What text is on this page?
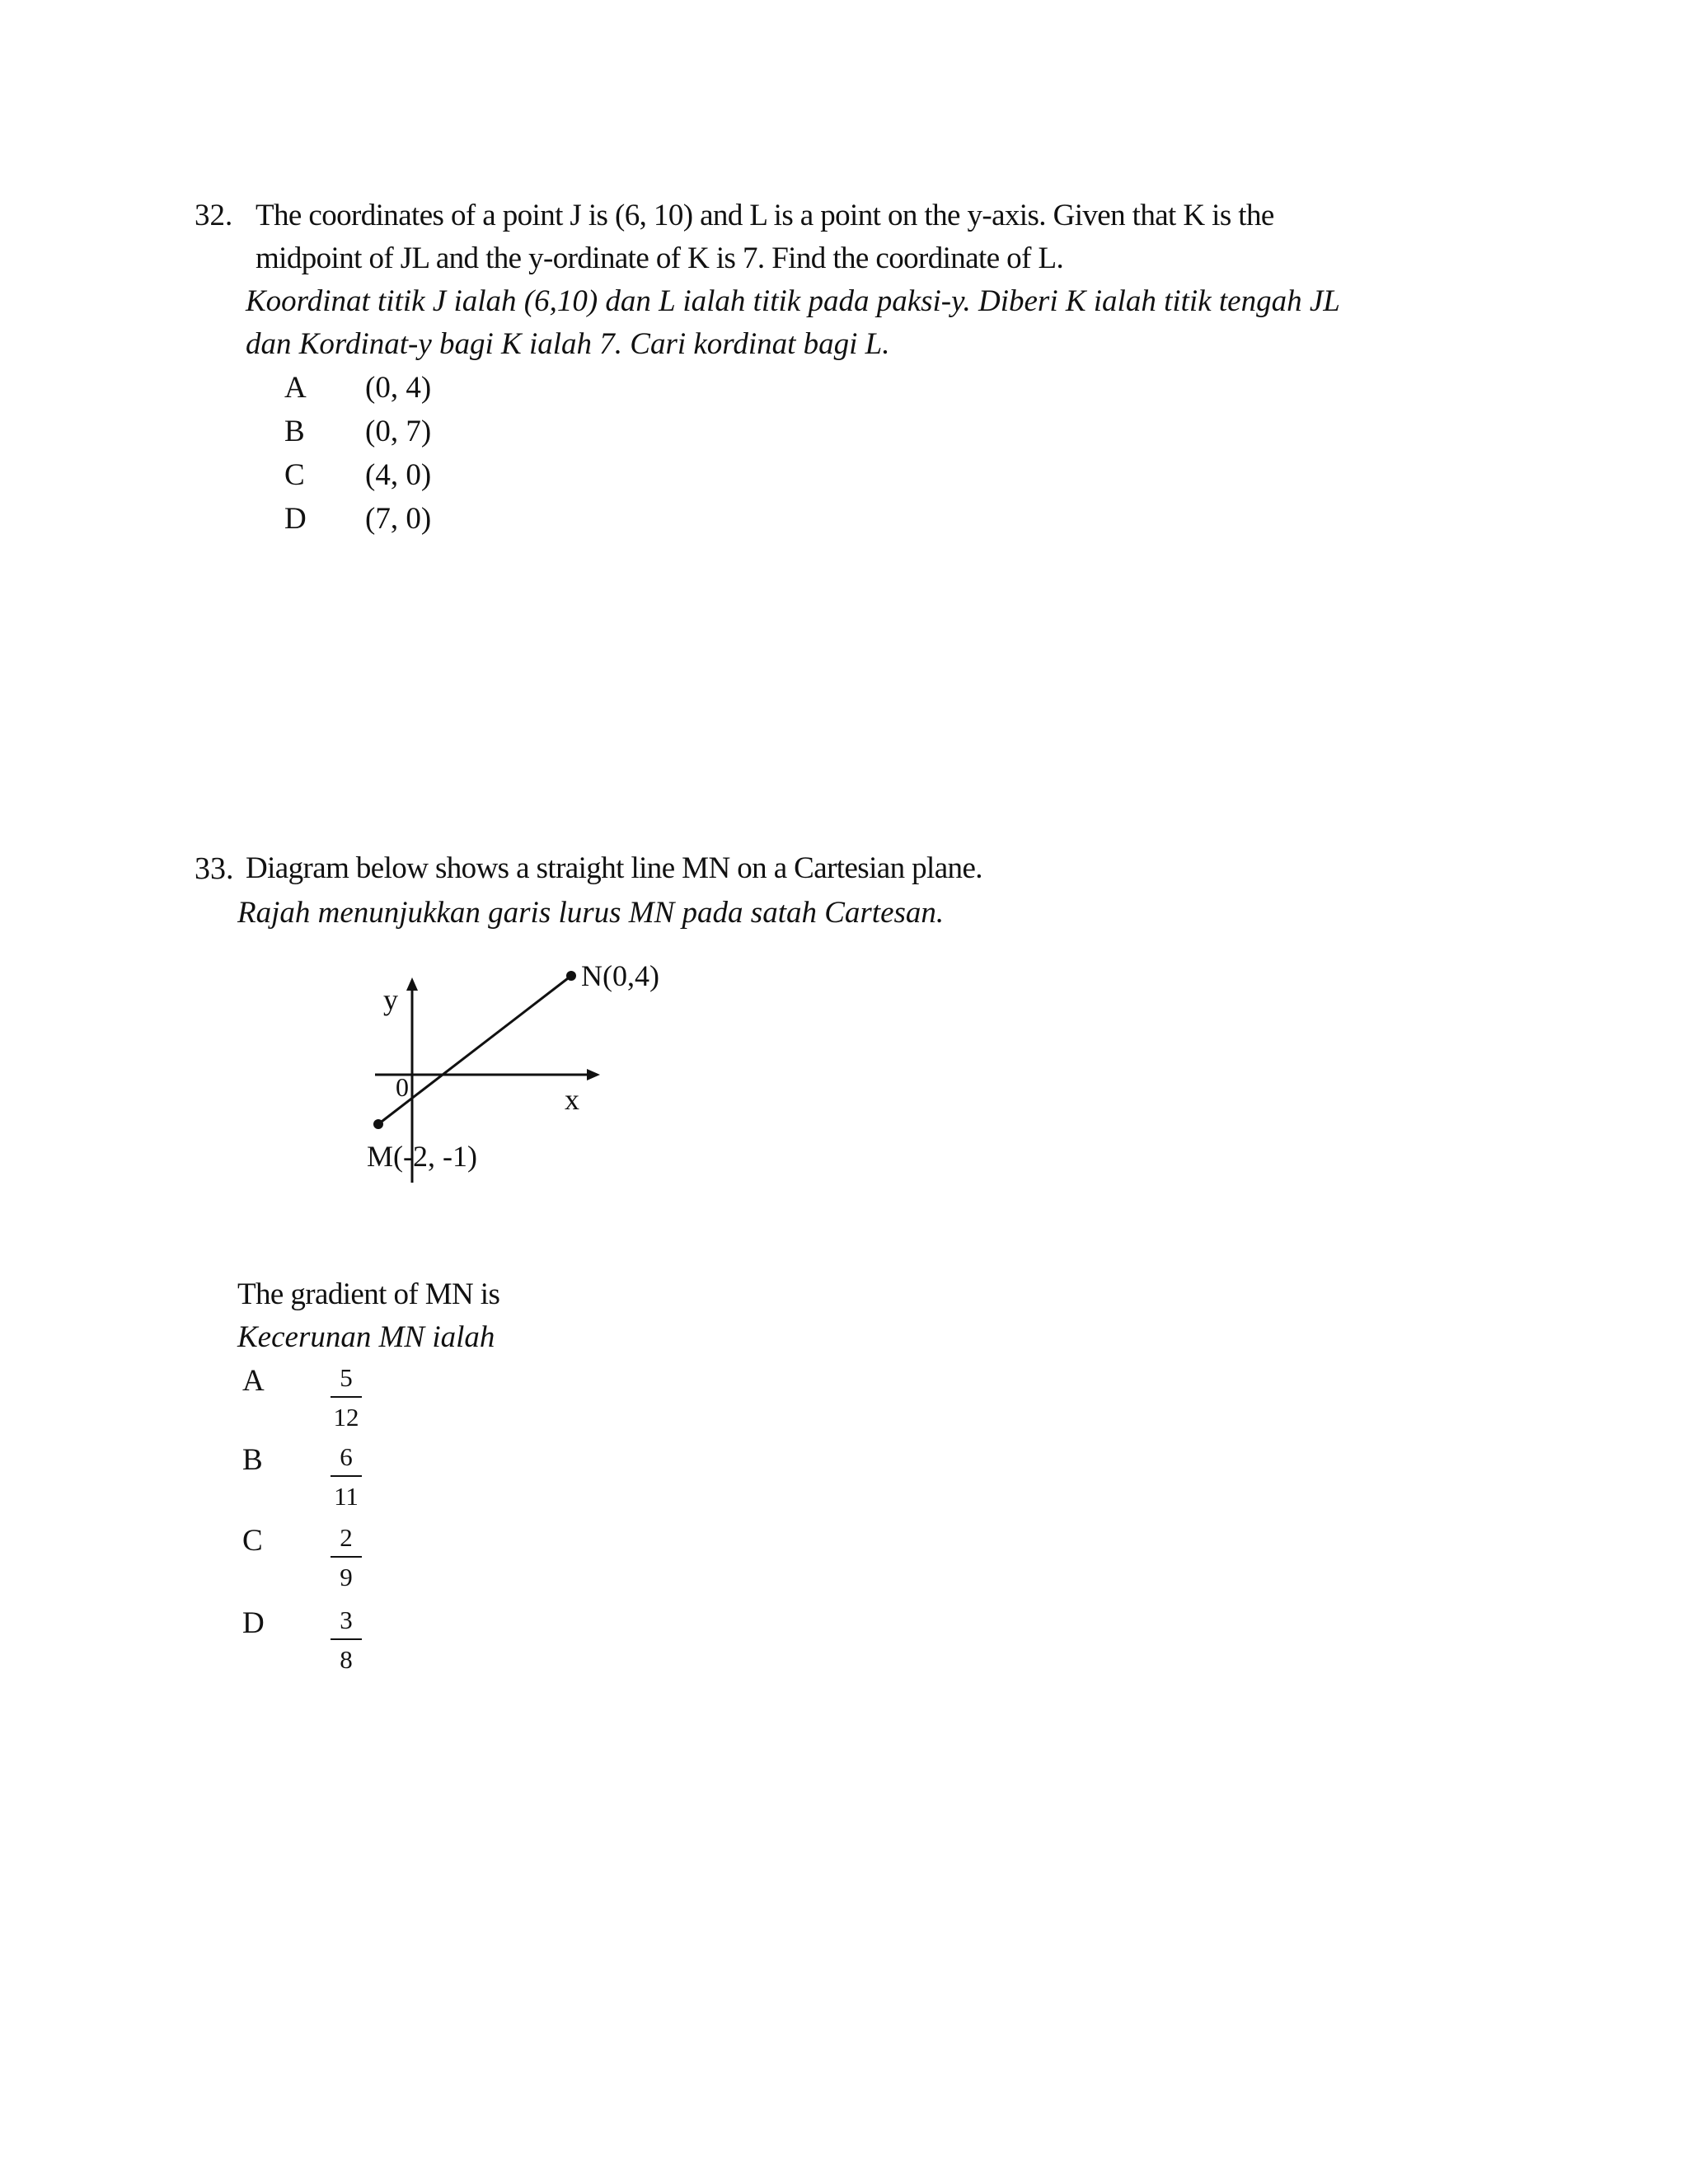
32. The coordinates of a point J is (6, 10) and L is a point on the y-axis. Given that K is the
midpoint of JL and the y-ordinate of K is 7. Find the coordinate of L.
Koordinat titik J ialah (6,10) dan L ialah titik pada paksi-y. Diberi K ialah titik tengah JL
dan Kordinat-y bagi K ialah 7. Cari kordinat bagi L.
A (0, 4)
B (0, 7)
C (4, 0)
D (7, 0)
33. Diagram below shows a straight line MN on a Cartesian plane.
Rajah menunjukkan garis lurus MN pada satah Cartesan.
y
x
0
N(0,4)
M(-2, -1)
The gradient of MN is
Kecerunan MN ialah
A	5
12
B	6
11
C	2
9
D	3
8
